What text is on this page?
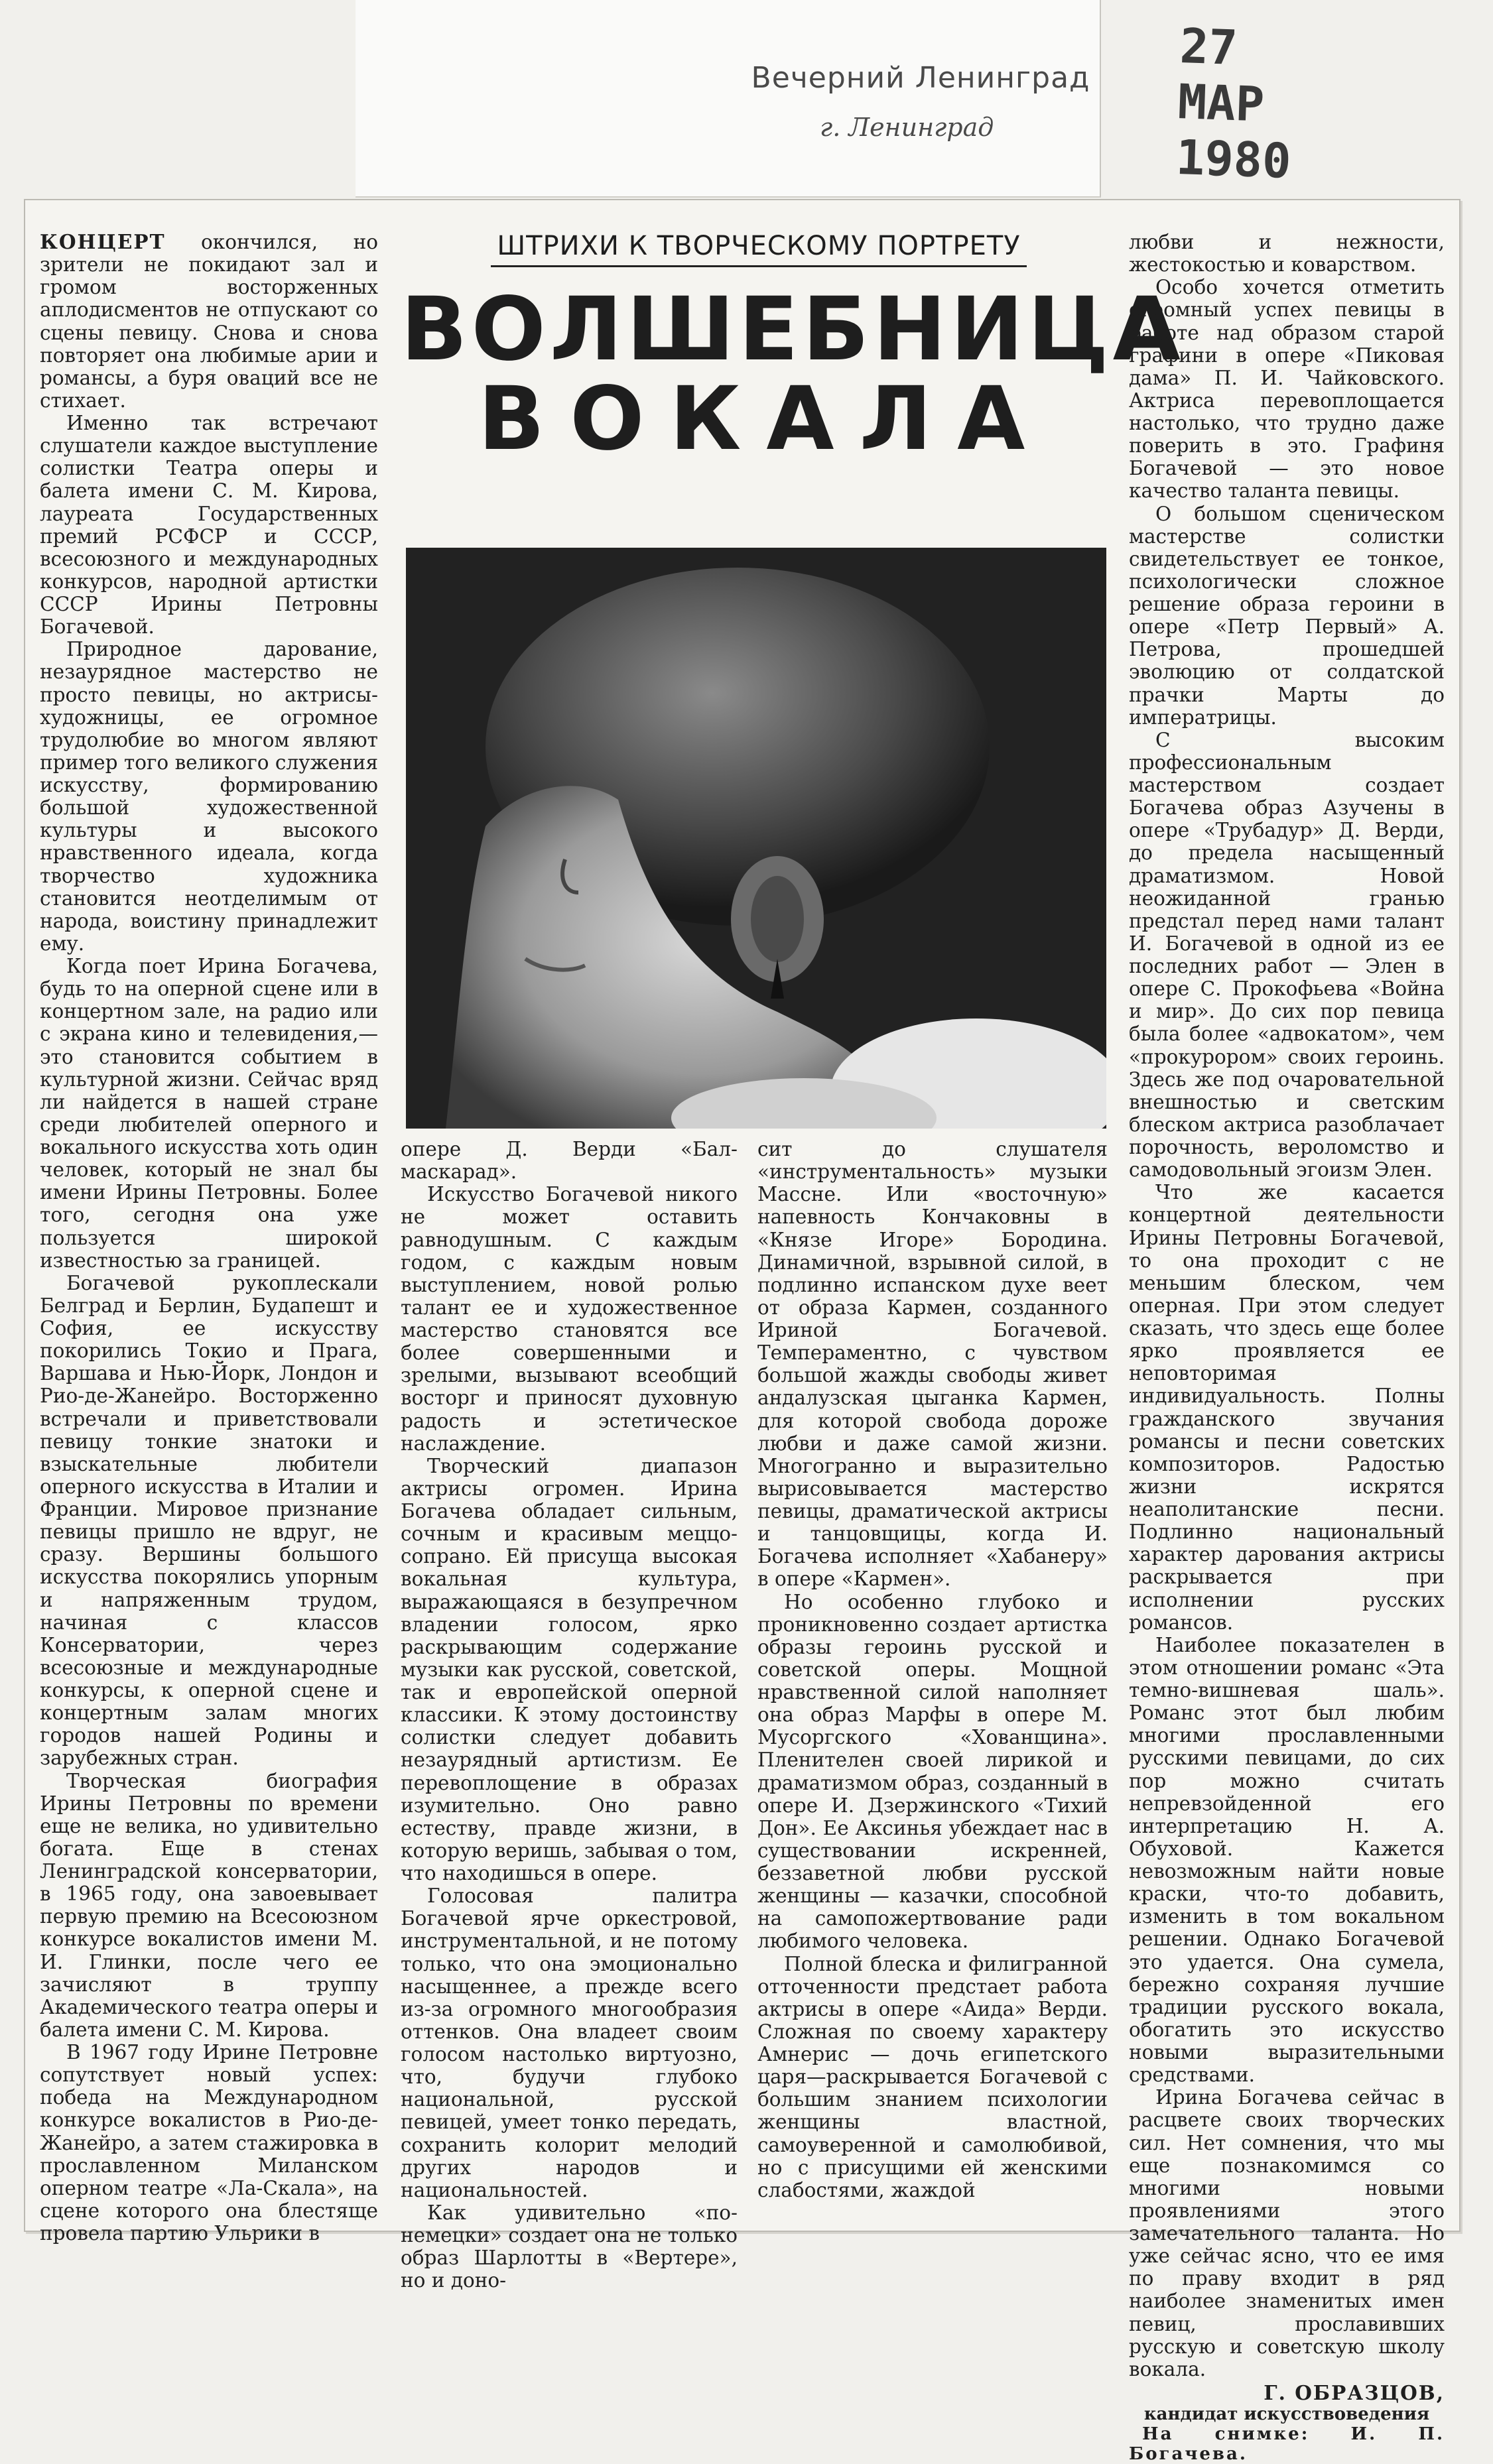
Вечерний Ленинград
г. Ленинград
27 МАР 1980
ШТРИХИ К ТВОРЧЕСКОМУ ПОРТРЕТУ
ВОЛШЕБНИЦА
ВОКАЛА

КОНЦЕРТ окончился, но зрители не покидают зал и громом восторженных аплодисментов не отпускают со сцены певицу. Снова и снова повторяет она любимые арии и романсы, а буря оваций все не стихает.

Именно так встречают слушатели каждое выступление солистки Театра оперы и балета имени С. М. Кирова, лауреата Государственных премий РСФСР и СССР, всесоюзного и международных конкурсов, народной артистки СССР Ирины Петровны Богачевой.

Природное дарование, незаурядное мастерство не просто певицы, но актрисы-художницы, ее огромное трудолюбие во многом являют пример того великого служения искусству, формированию большой художественной культуры и высокого нравственного идеала, когда творчество художника становится неотделимым от народа, воистину принадлежит ему.

Когда поет Ирина Богачева, будь то на оперной сцене или в концертном зале, на радио или с экрана кино и телевидения,—это становится событием в культурной жизни. Сейчас вряд ли найдется в нашей стране среди любителей оперного и вокального искусства хоть один человек, который не знал бы имени Ирины Петровны. Более того, сегодня она уже пользуется широкой известностью за границей.

Богачевой рукоплескали Белград и Берлин, Будапешт и София, ее искусству покорились Токио и Прага, Варшава и Нью-Йорк, Лондон и Рио-де-Жанейро. Восторженно встречали и приветствовали певицу тонкие знатоки и взыскательные любители оперного искусства в Италии и Франции. Мировое признание певицы пришло не вдруг, не сразу. Вершины большого искусства покорялись упорным и напряженным трудом, начиная с классов Консерватории, через всесоюзные и международные конкурсы, к оперной сцене и концертным залам многих городов нашей Родины и зарубежных стран.

Творческая биография Ирины Петровны по времени еще не велика, но удивительно богата. Еще в стенах Ленинградской консерватории, в 1965 году, она завоевывает первую премию на Всесоюзном конкурсе вокалистов имени М. И. Глинки, после чего ее зачисляют в труппу Академического театра оперы и балета имени С. М. Кирова.

В 1967 году Ирине Петровне сопутствует новый успех: победа на Международном конкурсе вокалистов в Рио-де-Жанейро, а затем стажировка в прославленном Миланском оперном театре «Ла-Скала», на сцене которого она блестяще провела партию Ульрики в

опере Д. Верди «Бал-маскарад».

Искусство Богачевой никого не может оставить равнодушным. С каждым годом, с каждым новым выступлением, новой ролью талант ее и художественное мастерство становятся все более совершенными и зрелыми, вызывают всеобщий восторг и приносят духовную радость и эстетическое наслаждение.

Творческий диапазон актрисы огромен. Ирина Богачева обладает сильным, сочным и красивым меццо-сопрано. Ей присуща высокая вокальная культура, выражающаяся в безупречном владении голосом, ярко раскрывающим содержание музыки как русской, советской, так и европейской оперной классики. К этому достоинству солистки следует добавить незаурядный артистизм. Ее перевоплощение в образах изумительно. Оно равно естеству, правде жизни, в которую веришь, забывая о том, что находишься в опере.

Голосовая палитра Богачевой ярче оркестровой, инструментальной, и не потому только, что она эмоционально насыщеннее, а прежде всего из-за огромного многообразия оттенков. Она владеет своим голосом настолько виртуозно, что, будучи глубоко национальной, русской певицей, умеет тонко передать, сохранить колорит мелодий других народов и национальностей.

Как удивительно «по-немецки» создает она не только образ Шарлотты в «Вертере», но и доно-

сит до слушателя «инструментальность» музыки Массне. Или «восточную» напевность Кончаковны в «Князе Игоре» Бородина. Динамичной, взрывной силой, в подлинно испанском духе веет от образа Кармен, созданного Ириной Богачевой. Темпераментно, с чувством большой жажды свободы живет андалузская цыганка Кармен, для которой свобода дороже любви и даже самой жизни. Многогранно и выразительно вырисовывается мастерство певицы, драматической актрисы и танцовщицы, когда И. Богачева исполняет «Хабанеру» в опере «Кармен».

Но особенно глубоко и проникновенно создает артистка образы героинь русской и советской оперы. Мощной нравственной силой наполняет она образ Марфы в опере М. Мусоргского «Хованщина». Пленителен своей лирикой и драматизмом образ, созданный в опере И. Дзержинского «Тихий Дон». Ее Аксинья убеждает нас в существовании искренней, беззаветной любви русской женщины — казачки, способной на самопожертвование ради любимого человека.

Полной блеска и филигранной отточенности предстает работа актрисы в опере «Аида» Верди. Сложная по своему характеру Амнерис — дочь египетского царя—раскрывается Богачевой с большим знанием психологии женщины властной, самоуверенной и самолюбивой, но с присущими ей женскими слабостями, жаждой

любви и нежности, жестокостью и коварством.

Особо хочется отметить огромный успех певицы в работе над образом старой графини в опере «Пиковая дама» П. И. Чайковского. Актриса перевоплощается настолько, что трудно даже поверить в это. Графиня Богачевой — это новое качество таланта певицы.

О большом сценическом мастерстве солистки свидетельствует ее тонкое, психологически сложное решение образа героини в опере «Петр Первый» А. Петрова, прошедшей эволюцию от солдатской прачки Марты до императрицы.

С высоким профессиональным мастерством создает Богачева образ Азучены в опере «Трубадур» Д. Верди, до предела насыщенный драматизмом. Новой неожиданной гранью предстал перед нами талант И. Богачевой в одной из ее последних работ — Элен в опере С. Прокофьева «Война и мир». До сих пор певица была более «адвокатом», чем «прокурором» своих героинь. Здесь же под очаровательной внешностью и светским блеском актриса разоблачает порочность, вероломство и самодовольный эгоизм Элен.

Что же касается концертной деятельности Ирины Петровны Богачевой, то она проходит с не меньшим блеском, чем оперная. При этом следует сказать, что здесь еще более ярко проявляется ее неповторимая индивидуальность. Полны гражданского звучания романсы и песни советских композиторов. Радостью жизни искрятся неаполитанские песни. Подлинно национальный характер дарования актрисы раскрывается при исполнении русских романсов.

Наиболее показателен в этом отношении романс «Эта темно-вишневая шаль». Романс этот был любим многими прославленными русскими певицами, до сих пор можно считать непревзойденной его интерпретацию Н. А. Обуховой. Кажется невозможным найти новые краски, что-то добавить, изменить в том вокальном решении. Однако Богачевой это удается. Она сумела, бережно сохраняя лучшие традиции русского вокала, обогатить это искусство новыми выразительными средствами.

Ирина Богачева сейчас в расцвете своих творческих сил. Нет сомнения, что мы еще познакомимся со многими новыми проявлениями этого замечательного таланта. Но уже сейчас ясно, что ее имя по праву входит в ряд наиболее знаменитых имен певиц, прославивших русскую и советскую школу вокала.

Г. ОБРАЗЦОВ,
кандидат искусствоведения
На снимке: И. П. Богачева.
